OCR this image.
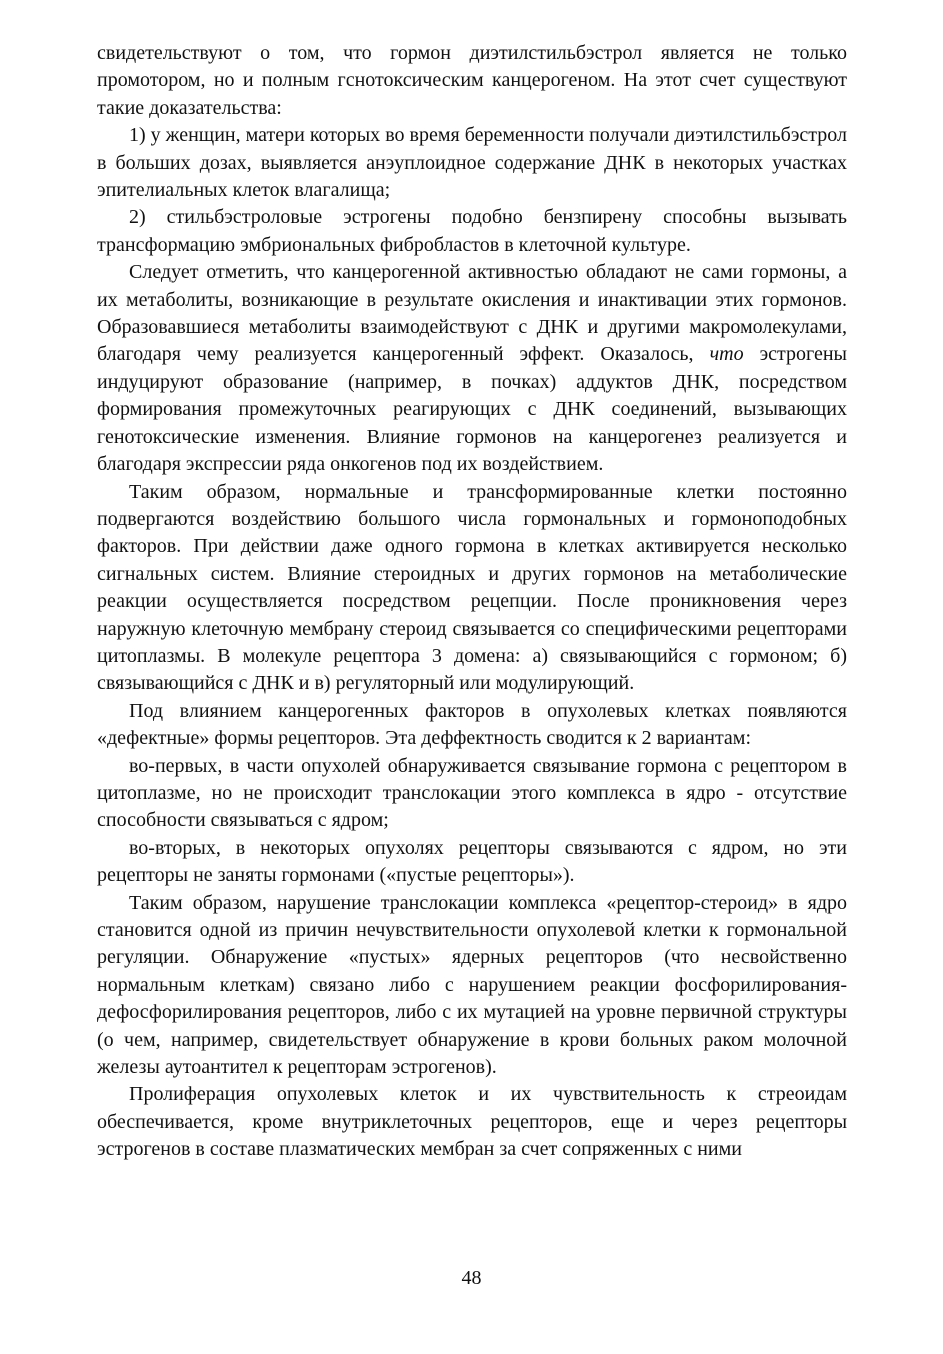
свидетельствуют о том, что гормон диэтилстильбэстрол является не только промотором, но и полным гснотоксическим канцерогеном. На этот счет существуют такие доказательства:

1) у женщин, матери которых во время беременности получали диэтилстильбэстрол в больших дозах, выявляется анэуплоидное содержание ДНК в некоторых участках эпителиальных клеток влагалища;

2) стильбэстроловые эстрогены подобно бензпирену способны вызывать трансформацию эмбриональных фибробластов в клеточной культуре.

Следует отметить, что канцерогенной активностью обладают не сами гормоны, а их метаболиты, возникающие в результате окисления и инактивации этих гормонов. Образовавшиеся метаболиты взаимодействуют с ДНК и другими макромолекулами, благодаря чему реализуется канцерогенный эффект. Оказалось, что эстрогены индуцируют образование (например, в почках) аддуктов ДНК, посредством формирования промежуточных реагирующих с ДНК соединений, вызывающих генотоксические изменения. Влияние гормонов на канцерогенез реализуется и благодаря экспрессии ряда онкогенов под их воздействием.

Таким образом, нормальные и трансформированные клетки постоянно подвергаются воздействию большого числа гормональных и гормоноподобных факторов. При действии даже одного гормона в клетках активируется несколько сигнальных систем. Влияние стероидных и других гормонов на метаболические реакции осуществляется посредством рецепции. После проникновения через наружную клеточную мембрану стероид связывается со специфическими рецепторами цитоплазмы. В молекуле рецептора 3 домена: а) связывающийся с гормоном; б) связывающийся с ДНК и в) регуляторный или модулирующий.

Под влиянием канцерогенных факторов в опухолевых клетках появляются «дефектные» формы рецепторов. Эта деффектность сводится к 2 вариантам:

во-первых, в части опухолей обнаруживается связывание гормона с рецептором в цитоплазме, но не происходит транслокации этого комплекса в ядро - отсутствие способности связываться с ядром;

во-вторых, в некоторых опухолях рецепторы связываются с ядром, но эти рецепторы не заняты гормонами («пустые рецепторы»).

Таким образом, нарушение транслокации комплекса «рецептор-стероид» в ядро становится одной из причин нечувствительности опухолевой клетки к гормональной регуляции. Обнаружение «пустых» ядерных рецепторов (что несвойственно нормальным клеткам) связано либо с нарушением реакции фосфорилирования-дефосфорилирования рецепторов, либо с их мутацией на уровне первичной структуры (о чем, например, свидетельствует обнаружение в крови больных раком молочной железы аутоантител к рецепторам эстрогенов).

Пролиферация опухолевых клеток и их чувствительность к стреоидам обеспечивается, кроме внутриклеточных рецепторов, еще и через рецепторы эстрогенов в составе плазматических мембран за счет сопряженных с ними

48
